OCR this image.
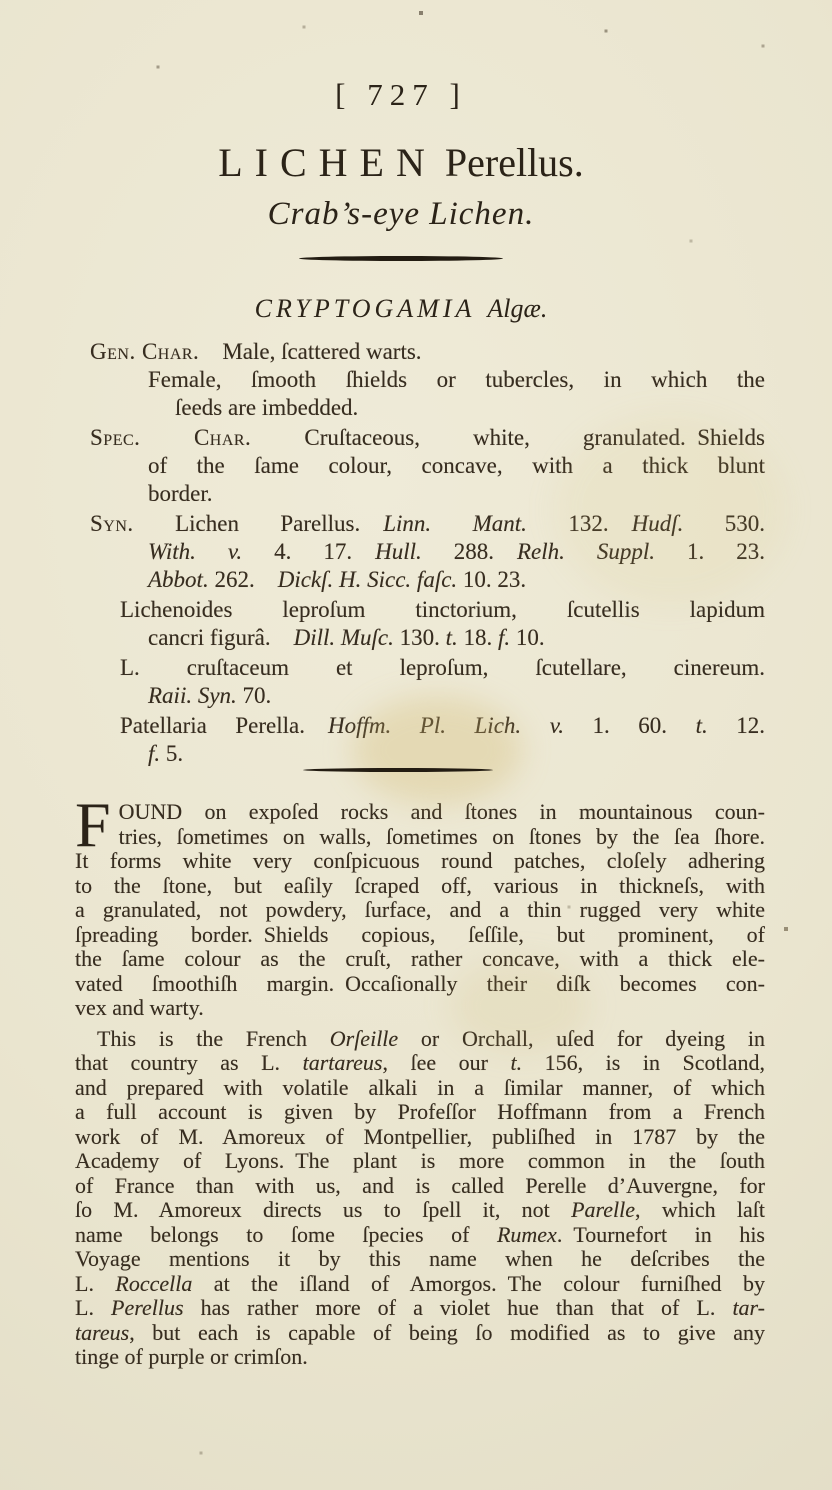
[ 727 ]
LICHEN Perellus.
Crab’s-eye Lichen.
CRYPTOGAMIA Algæ.
Gen. Char. Male, ſcattered warts.
Female, ſmooth ſhields or tubercles, in which the
ſeeds are imbedded.
Spec. Char. Cruſtaceous, white, granulated. Shields
of the ſame colour, concave, with a thick blunt
border.
Syn. Lichen Parellus. Linn. Mant. 132. Hudſ. 530.
With. v. 4. 17. Hull. 288. Relh. Suppl. 1. 23.
Abbot. 262. Dickſ. H. Sicc. faſc. 10. 23.
Lichenoides leproſum tinctorium, ſcutellis lapidum
cancri figurâ. Dill. Muſc. 130. t. 18. f. 10.
L. cruſtaceum et leproſum, ſcutellare, cinereum.
Raii. Syn. 70.
Patellaria Perella. Hoffm. Pl. Lich. v. 1. 60. t. 12.
f. 5.
F OUND on expoſed rocks and ſtones in mountainous coun-
tries, ſometimes on walls, ſometimes on ſtones by the ſea ſhore.
It forms white very conſpicuous round patches, cloſely adhering
to the ſtone, but eaſily ſcraped off, various in thickneſs, with
a granulated, not powdery, ſurface, and a thin rugged very white
ſpreading border. Shields copious, ſeſſile, but prominent, of
the ſame colour as the cruſt, rather concave, with a thick ele-
vated ſmoothiſh margin. Occaſionally their diſk becomes con-
vex and warty.
This is the French Orſeille or Orchall, uſed for dyeing in
that country as L. tartareus, ſee our t. 156, is in Scotland,
and prepared with volatile alkali in a ſimilar manner, of which
a full account is given by Profeſſor Hoffmann from a French
work of M. Amoreux of Montpellier, publiſhed in 1787 by the
Academy of Lyons. The plant is more common in the ſouth
of France than with us, and is called Perelle d’Auvergne, for
ſo M. Amoreux directs us to ſpell it, not Parelle, which laſt
name belongs to ſome ſpecies of Rumex. Tournefort in his
Voyage mentions it by this name when he deſcribes the
L. Roccella at the iſland of Amorgos. The colour furniſhed by
L. Perellus has rather more of a violet hue than that of L. tar-
tareus, but each is capable of being ſo modified as to give any
tinge of purple or crimſon.
